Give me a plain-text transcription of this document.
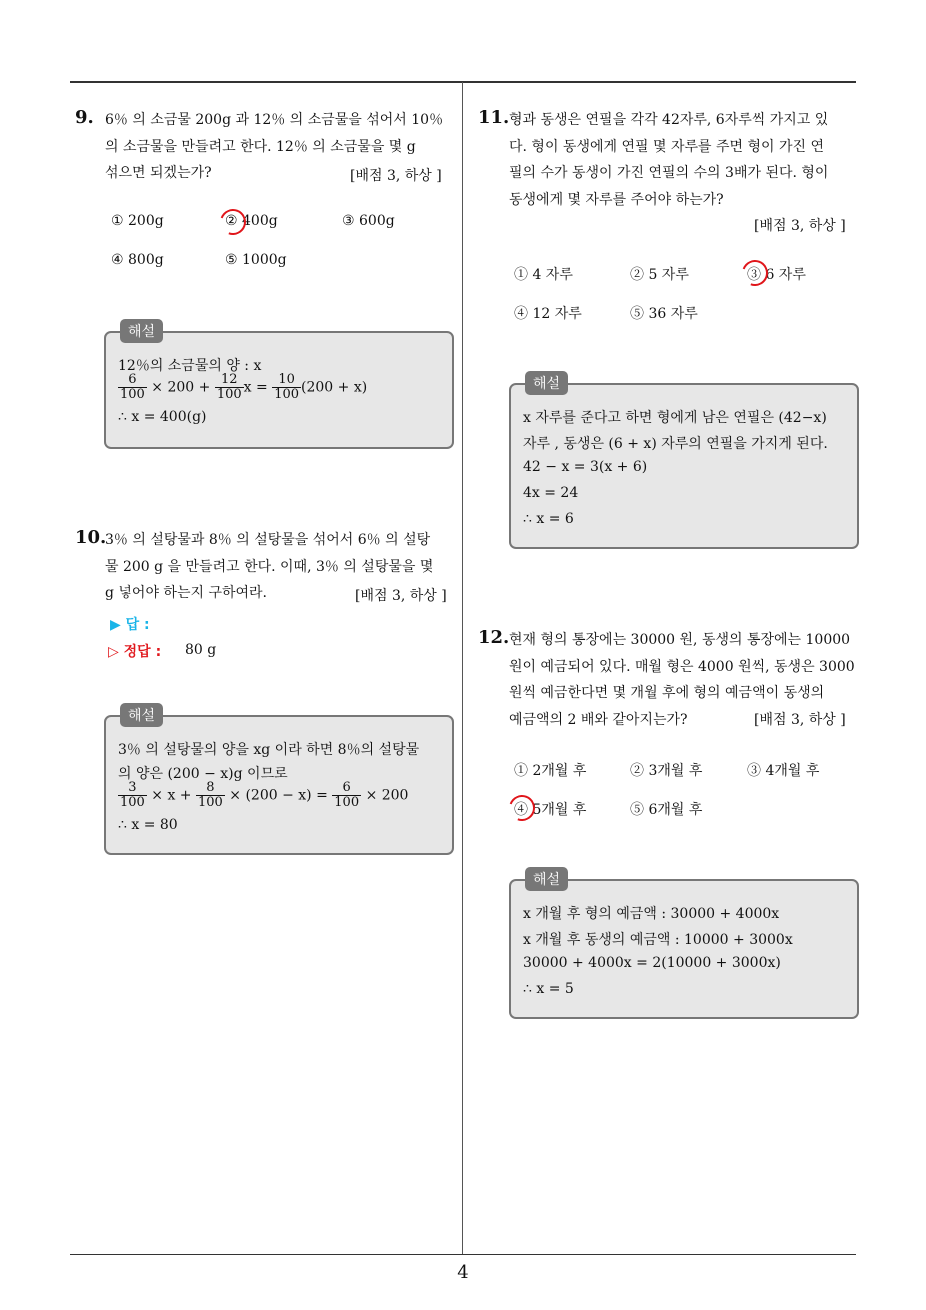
9. 6％ 의 소금물 200g 과 12％ 의 소금물을 섞어서 10％
의 소금물을 만들려고 한다. 12％ 의 소금물을 몇 g
섞으면 되겠는가?	[배점 3, 하상 ]
① 200g	② 400g	③ 600g
④ 800g	⑤ 1000g
해설
12％의 소금물의 양 : x
$\frac{6}{100} \times 200 + \frac{12}{100}$ $x = \frac{10}{100} (200 + x)$
∴ x = 400(g)
10.
3％ 의 설탕물과 8％ 의 설탕물을 섞어서 6％ 의 설탕
물 200 g 을 만들려고 한다. 이때, 3％ 의 설탕물을 몇
g 넣어야 하는지 구하여라.	[배점 3, 하상 ]
▶ 답 :
▷ 정답 : 80 g
해설
3％ 의 설탕물의 양을 xg 이라 하면 8％의 설탕물
의 양은 (200 − x)g 이므로
$\frac{3}{100} \times x + \frac{8}{100} \times (200 - x) = \frac{6}{100} \times 200$
∴ x = 80
11. 형과 동생은 연필을 각각 42자루, 6자루씩 가지고 있
다. 형이 동생에게 연필 몇 자루를 주면 형이 가진 연
필의 수가 동생이 가진 연필의 수의 3배가 된다. 형이
동생에게 몇 자루를 주어야 하는가?
[배점 3, 하상 ]
① 4 자루	② 5 자루	③ 6 자루
④ 12 자루	⑤ 36 자루
해설
x 자루를 준다고 하면 형에게 남은 연필은 (42−x)
자루 , 동생은 (6 + x) 자루의 연필을 가지게 된다.
42 − x = 3(x + 6)
4x = 24
∴ x = 6
12. 현재 형의 통장에는 30000 원, 동생의 통장에는 10000
원이 예금되어 있다. 매월 형은 4000 원씩, 동생은 3000
원씩 예금한다면 몇 개월 후에 형의 예금액이 동생의
예금액의 2 배와 같아지는가?	[배점 3, 하상 ]
① 2개월 후	② 3개월 후	③ 4개월 후
④ 5개월 후	⑤ 6개월 후
해설
x 개월 후 형의 예금액 : 30000 + 4000x
x 개월 후 동생의 예금액 : 10000 + 3000x
30000 + 4000x = 2(10000 + 3000x)
∴ x = 5
4
